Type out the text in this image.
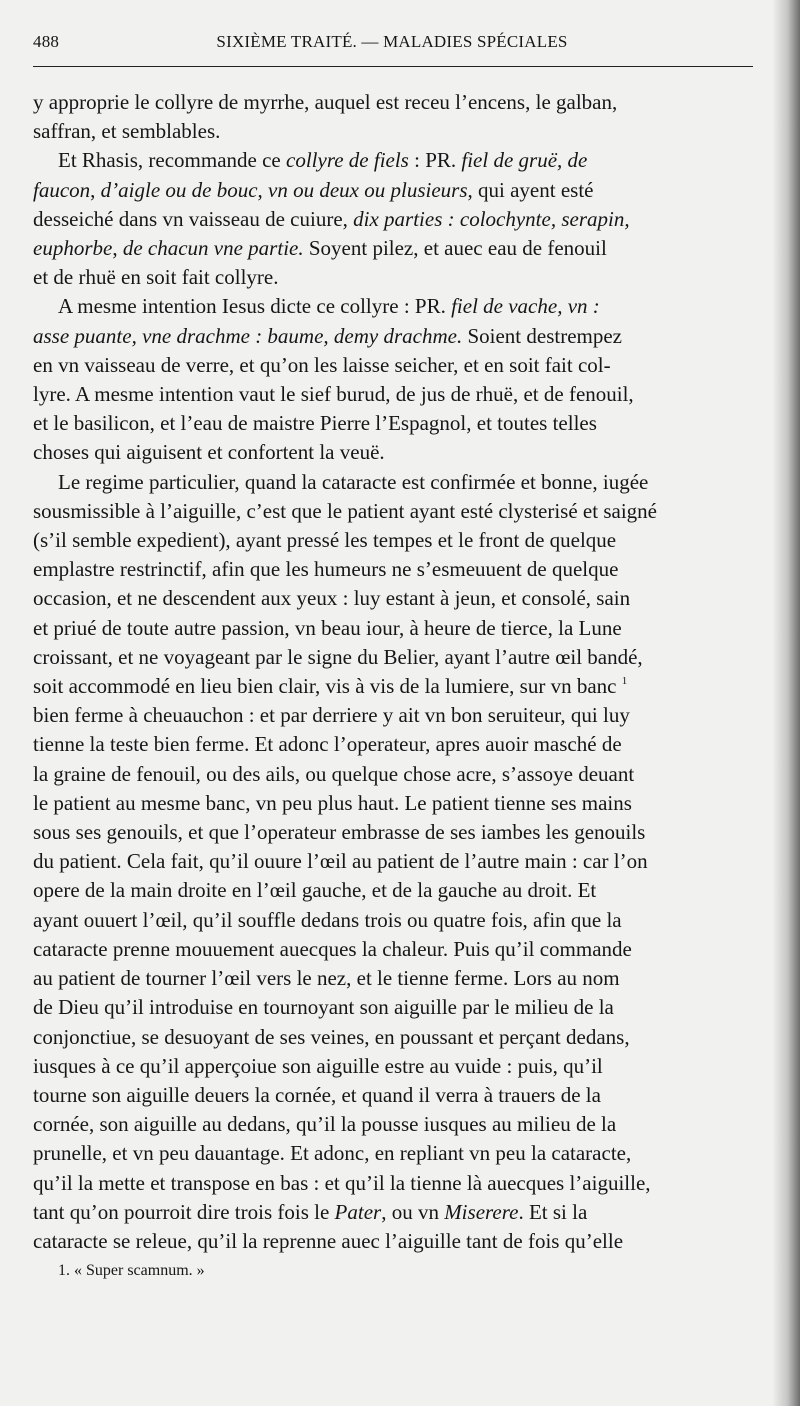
488	SIXIÈME TRAITÉ. — MALADIES SPÉCIALES

y approprie le collyre de myrrhe, auquel est receu l’encens, le galban,
saffran, et semblables.

Et Rhasis, recommande ce collyre de fiels : PR. fiel de gruë, de
faucon, d’aigle ou de bouc, vn ou deux ou plusieurs, qui ayent esté
desseiché dans vn vaisseau de cuiure, dix parties : colochynte, serapin,
euphorbe, de chacun vne partie. Soyent pilez, et auec eau de fenouil
et de rhuë en soit fait collyre.

A mesme intention Iesus dicte ce collyre : PR. fiel de vache, vn :
asse puante, vne drachme : baume, demy drachme. Soient destrempez
en vn vaisseau de verre, et qu’on les laisse seicher, et en soit fait col-
lyre. A mesme intention vaut le sief burud, de jus de rhuë, et de fenouil,
et le basilicon, et l’eau de maistre Pierre l’Espagnol, et toutes telles
choses qui aiguisent et confortent la veuë.

Le regime particulier, quand la cataracte est confirmée et bonne, iugée
sousmissible à l’aiguille, c’est que le patient ayant esté clysterisé et saigné
(s’il semble expedient), ayant pressé les tempes et le front de quelque
emplastre restrinctif, afin que les humeurs ne s’esmeuuent de quelque
occasion, et ne descendent aux yeux : luy estant à jeun, et consolé, sain
et priué de toute autre passion, vn beau iour, à heure de tierce, la Lune
croissant, et ne voyageant par le signe du Belier, ayant l’autre œil bandé,
soit accommodé en lieu bien clair, vis à vis de la lumiere, sur vn banc $^1$
bien ferme à cheuauchon : et par derriere y ait vn bon seruiteur, qui luy
tienne la teste bien ferme. Et adonc l’operateur, apres auoir masché de
la graine de fenouil, ou des ails, ou quelque chose acre, s’assoye deuant
le patient au mesme banc, vn peu plus haut. Le patient tienne ses mains
sous ses genouils, et que l’operateur embrasse de ses iambes les genouils
du patient. Cela fait, qu’il ouure l’œil au patient de l’autre main : car l’on
opere de la main droite en l’œil gauche, et de la gauche au droit. Et
ayant ouuert l’œil, qu’il souffle dedans trois ou quatre fois, afin que la
cataracte prenne mouuement auecques la chaleur. Puis qu’il commande
au patient de tourner l’œil vers le nez, et le tienne ferme. Lors au nom
de Dieu qu’il introduise en tournoyant son aiguille par le milieu de la
conjonctiue, se desuoyant de ses veines, en poussant et perçant dedans,
iusques à ce qu’il apperçoiue son aiguille estre au vuide : puis, qu’il
tourne son aiguille deuers la cornée, et quand il verra à trauers de la
cornée, son aiguille au dedans, qu’il la pousse iusques au milieu de la
prunelle, et vn peu dauantage. Et adonc, en repliant vn peu la cataracte,
qu’il la mette et transpose en bas : et qu’il la tienne là auecques l’aiguille,
tant qu’on pourroit dire trois fois le Pater, ou vn Miserere. Et si la
cataracte se releue, qu’il la reprenne auec l’aiguille tant de fois qu’elle

1. « Super scamnum. »
